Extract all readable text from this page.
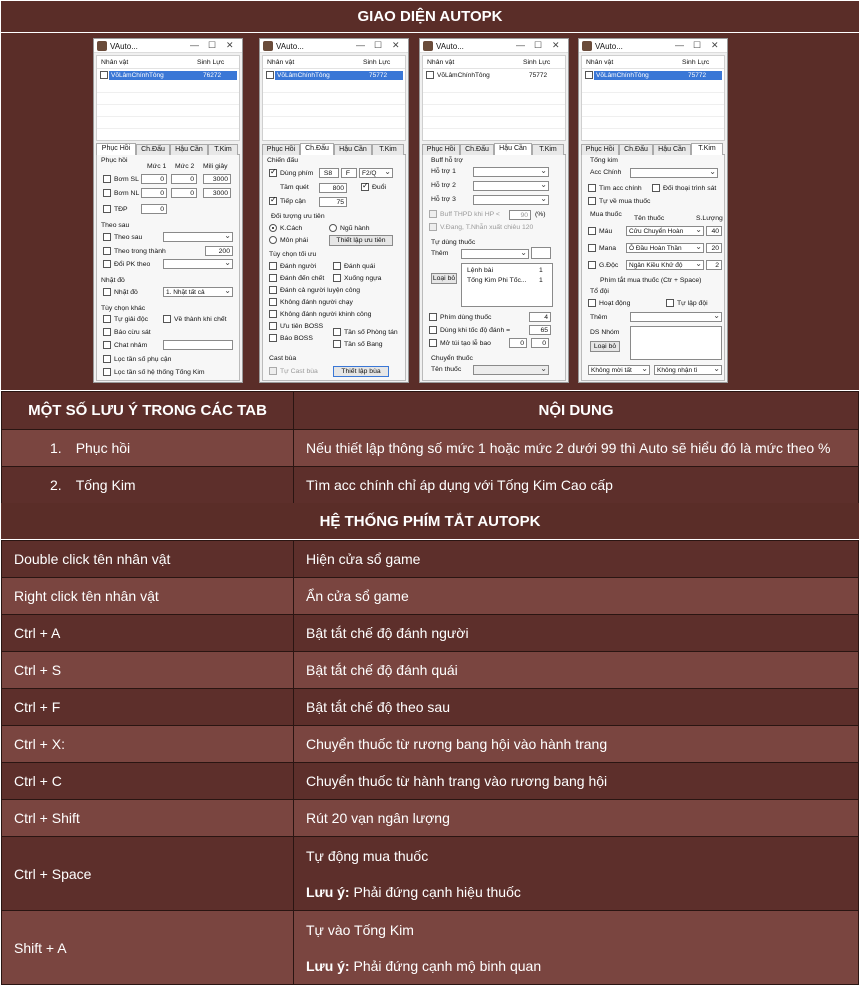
GIAO DIỆN AUTOPK
VAuto...	— ☐ ✕
Nhân vật	Sinh Lực
VõLâmChínhTông	76272
Phục Hồi	Ch.Đấu	Hậu Cần	T.Kim
Phục hồi
Mức 1 Mức 2 Mili giây
Bơm SL	0	0	3000
Bơm NL	0	0	3000
TĐP	0
Theo sau
Theo sau
⌄
Theo trong thành	200
Đổi PK theo
⌄
Nhặt đồ
Nhặt đồ	1. Nhặt tất cả ⌄
Tùy chọn khác
Tự giải độc	Về thành khi chết
Báo cừu sát
Chat nhảm
Lọc tần số phụ cận
Lọc tần số hệ thống Tống Kim
VAuto...	— ☐ ✕
Nhân vật	Sinh Lực
VõLâmChínhTông	75772
Phục Hồi	Ch.Đấu	Hậu Cần	T.Kim
Chiến đấu
✓
Dùng phím	S8	F	F2/Q ⌄
Tầm quét	800 ✓	Đuổi
✓
Tiếp cận	75
Đối tượng ưu tiên
K.Cách	Ngũ hành
Môn phái	Thiết lập ưu tiên
Tùy chọn tối ưu
Đánh người	Đánh quái
Đánh đến chết	Xuống ngựa
Đánh cả người luyện công
Không đánh người chạy
Không đánh người khinh công
Ưu tiên BOSS
Tần số Phòng tán
Báo BOSS
Tần số Bang
Cast bùa
Tự Cast bùa	Thiết lập bùa
VAuto...	— ☐ ✕
Nhân vật	Sinh Lực
VõLâmChínhTông	75772
Phục Hồi	Ch.Đấu	Hậu Cần	T.Kim
Buff hỗ trợ
Hỗ trợ 1
⌄
Hỗ trợ 2
⌄
Hỗ trợ 3
⌄
Buff THPD khi HP <	90	(%)
V.Đang, T.Nhẫn xuất chiêu 120
Tự dùng thuốc
Thêm
⌄
Lệnh bài	1
Tống Kim Phi Tốc... 1
Loại bỏ
Phím dùng thuốc	4
Dùng khi tốc độ đánh =	65
Mở túi tạo lễ bao	0	0
Chuyển thuốc
Tên thuốc
⌄
VAuto...	— ☐ ✕
Nhân vật	Sinh Lực
VõLâmChínhTông	75772
Phục Hồi	Ch.Đấu	Hậu Cần	T.Kim
Tống kim
Acc Chính
⌄
Tìm acc chính	Đối thoại trình sát
Tự về mua thuốc
Mua thuốc
Tên thuốc	S.Lượng
Máu	Cửu Chuyển Hoàn ⌄	40
Mana	Ô Đầu Hoàn Thần ⌄	20
G.Độc	Ngân Kiều Khử độ ⌄	2
Phím tắt mua thuốc (Ctr + Space)
Tổ đội
Hoạt động	Tự lập đội
Thêm
⌄
DS Nhóm
Loại bỏ
Không mời tất ⌄	Không nhận tì ⌄
MỘT SỐ LƯU Ý TRONG CÁC TAB	NỘI DUNG
1. Phục hồi	Nếu thiết lập thông số mức 1 hoặc mức 2 dưới 99 thì Auto sẽ hiểu đó là mức theo %
2. Tống Kim	Tìm acc chính chỉ áp dụng với Tống Kim Cao cấp
HỆ THỐNG PHÍM TẮT AUTOPK
Double click tên nhân vật	Hiện cửa sổ game
Right click tên nhân vật	Ẩn cửa sổ game
Ctrl + A	Bật tắt chế độ đánh người
Ctrl + S	Bật tắt chế độ đánh quái
Ctrl + F	Bật tắt chế độ theo sau
Ctrl + X:	Chuyển thuốc từ rương bang hội vào hành trang
Ctrl + C	Chuyển thuốc từ hành trang vào rương bang hội
Ctrl + Shift	Rút 20 vạn ngân lượng
Ctrl + Space	Tự động mua thuốc
Lưu ý: Phải đứng cạnh hiệu thuốc

Shift + A	Tự vào Tống Kim
Lưu ý: Phải đứng cạnh mộ binh quan
